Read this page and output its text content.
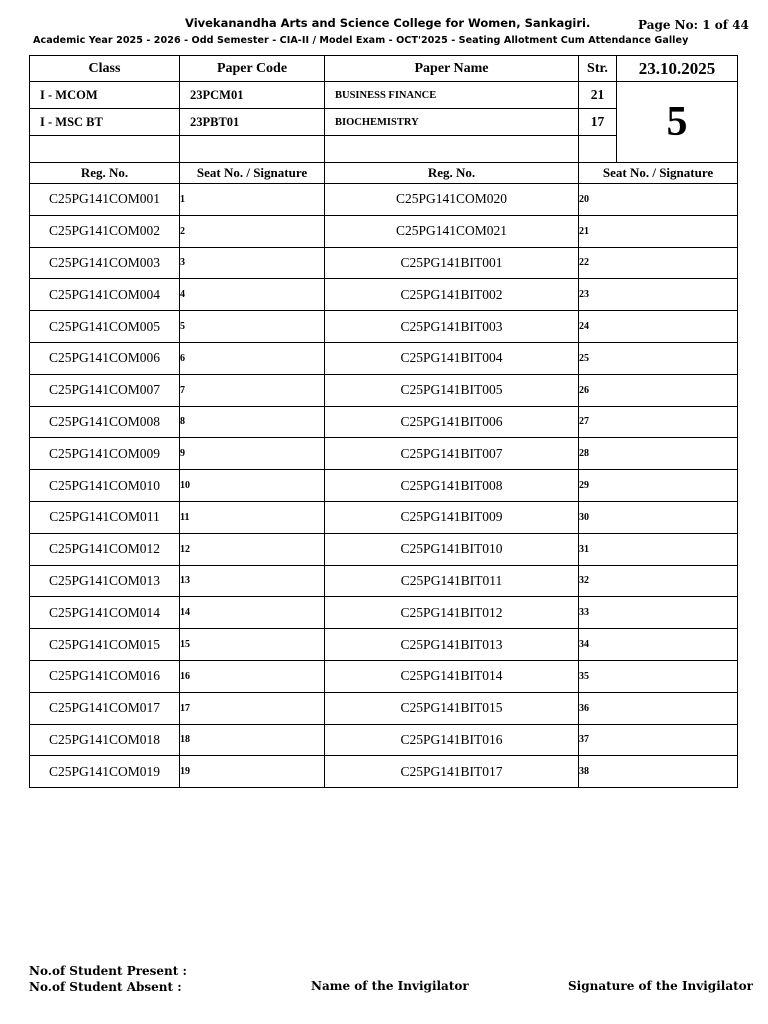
Vivekanandha Arts and Science College for Women, Sankagiri.	Page No: 1 of 44
Academic Year 2025 - 2026 - Odd Semester - CIA-II / Model Exam - OCT'2025 - Seating Allotment Cum Attendance Galley
Class	Paper Code	Paper Name	Str.	23.10.2025
I - MCOM	23PCM01	BUSINESS FINANCE	21	5
I - MSC BT	23PBT01	BIOCHEMISTRY	17	

Reg. No.	Seat No. / Signature	Reg. No.	Seat No. / Signature	
C25PG141COM001	1	C25PG141COM020	20	
C25PG141COM002	2	C25PG141COM021	21	
C25PG141COM003	3	C25PG141BIT001	22	
C25PG141COM004	4	C25PG141BIT002	23	
C25PG141COM005	5	C25PG141BIT003	24	
C25PG141COM006	6	C25PG141BIT004	25	
C25PG141COM007	7	C25PG141BIT005	26	
C25PG141COM008	8	C25PG141BIT006	27	
C25PG141COM009	9	C25PG141BIT007	28	
C25PG141COM010	10	C25PG141BIT008	29	
C25PG141COM011	11	C25PG141BIT009	30	
C25PG141COM012	12	C25PG141BIT010	31	
C25PG141COM013	13	C25PG141BIT011	32	
C25PG141COM014	14	C25PG141BIT012	33	
C25PG141COM015	15	C25PG141BIT013	34	
C25PG141COM016	16	C25PG141BIT014	35	
C25PG141COM017	17	C25PG141BIT015	36	
C25PG141COM018	18	C25PG141BIT016	37	
C25PG141COM019	19	C25PG141BIT017	38	
No.of Student Present :
No.of Student Absent :	Name of the Invigilator	Signature of the Invigilator
